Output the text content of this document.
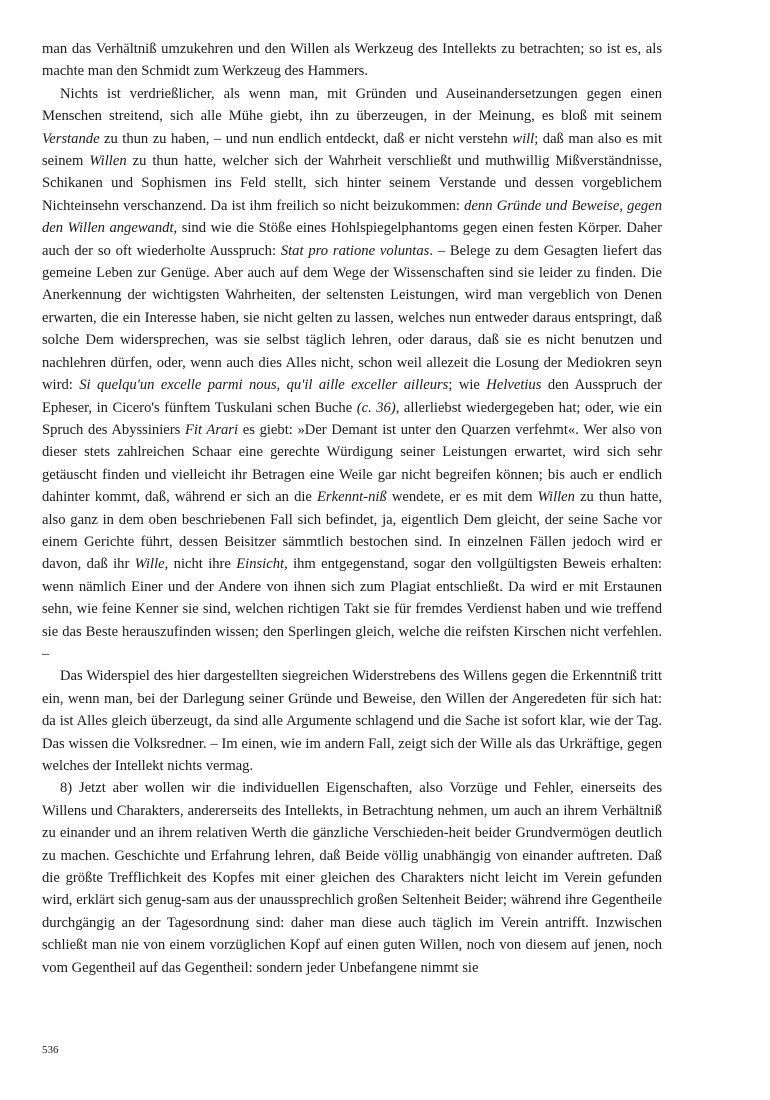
man das Verhältniß umzukehren und den Willen als Werkzeug des Intellekts zu betrachten; so ist es, als machte man den Schmidt zum Werkzeug des Hammers.

Nichts ist verdrießlicher, als wenn man, mit Gründen und Auseinandersetzungen gegen einen Menschen streitend, sich alle Mühe giebt, ihn zu überzeugen, in der Meinung, es bloß mit seinem Verstande zu thun zu haben, – und nun endlich entdeckt, daß er nicht verstehn will; daß man also es mit seinem Willen zu thun hatte, welcher sich der Wahrheit verschließt und muthwillig Mißverständnisse, Schikanen und Sophismen ins Feld stellt, sich hinter seinem Verstande und dessen vorgeblichem Nichteinsehn verschanzend. Da ist ihm freilich so nicht beizukommen: denn Gründe und Beweise, gegen den Willen angewandt, sind wie die Stöße eines Hohlspiegelphantoms gegen einen festen Körper. Daher auch der so oft wiederholte Ausspruch: Stat pro ratione voluntas. – Belege zu dem Gesagten liefert das gemeine Leben zur Genüge. Aber auch auf dem Wege der Wissenschaften sind sie leider zu finden. Die Anerkennung der wichtigsten Wahrheiten, der seltensten Leistungen, wird man vergeblich von Denen erwarten, die ein Interesse haben, sie nicht gelten zu lassen, welches nun entweder daraus entspringt, daß solche Dem widersprechen, was sie selbst täglich lehren, oder daraus, daß sie es nicht benutzen und nachlehren dürfen, oder, wenn auch dies Alles nicht, schon weil allezeit die Losung der Mediokren seyn wird: Si quelqu'un excelle parmi nous, qu'il aille exceller ailleurs; wie Helvetius den Ausspruch der Epheser, in Cicero's fünftem Tuskulani schen Buche (c. 36), allerliebst wiedergegeben hat; oder, wie ein Spruch des Abyssiniers Fit Arari es giebt: »Der Demant ist unter den Quarzen verfehmt«. Wer also von dieser stets zahlreichen Schaar eine gerechte Würdigung seiner Leistungen erwartet, wird sich sehr getäuscht finden und vielleicht ihr Betragen eine Weile gar nicht begreifen können; bis auch er endlich dahinter kommt, daß, während er sich an die Erkennt-niß wendete, er es mit dem Willen zu thun hatte, also ganz in dem oben beschriebenen Fall sich befindet, ja, eigentlich Dem gleicht, der seine Sache vor einem Gerichte führt, dessen Beisitzer sämmtlich bestochen sind. In einzelnen Fällen jedoch wird er davon, daß ihr Wille, nicht ihre Einsicht, ihm entgegenstand, sogar den vollgültigsten Beweis erhalten: wenn nämlich Einer und der Andere von ihnen sich zum Plagiat entschließt. Da wird er mit Erstaunen sehn, wie feine Kenner sie sind, welchen richtigen Takt sie für fremdes Verdienst haben und wie treffend sie das Beste herauszufinden wissen; den Sperlingen gleich, welche die reifsten Kirschen nicht verfehlen. –

Das Widerspiel des hier dargestellten siegreichen Widerstrebens des Willens gegen die Erkenntniß tritt ein, wenn man, bei der Darlegung seiner Gründe und Beweise, den Willen der Angeredeten für sich hat: da ist Alles gleich überzeugt, da sind alle Argumente schlagend und die Sache ist sofort klar, wie der Tag. Das wissen die Volksredner. – Im einen, wie im andern Fall, zeigt sich der Wille als das Urkräftige, gegen welches der Intellekt nichts vermag.

8) Jetzt aber wollen wir die individuellen Eigenschaften, also Vorzüge und Fehler, einerseits des Willens und Charakters, andererseits des Intellekts, in Betrachtung nehmen, um auch an ihrem Verhältniß zu einander und an ihrem relativen Werth die gänzliche Verschieden-heit beider Grundvermögen deutlich zu machen. Geschichte und Erfahrung lehren, daß Beide völlig unabhängig von einander auftreten. Daß die größte Trefflichkeit des Kopfes mit einer gleichen des Charakters nicht leicht im Verein gefunden wird, erklärt sich genug-sam aus der unaussprechlich großen Seltenheit Beider; während ihre Gegentheile durchgängig an der Tagesordnung sind: daher man diese auch täglich im Verein antrifft. Inzwischen schließt man nie von einem vorzüglichen Kopf auf einen guten Willen, noch von diesem auf jenen, noch vom Gegentheil auf das Gegentheil: sondern jeder Unbefangene nimmt sie

536
